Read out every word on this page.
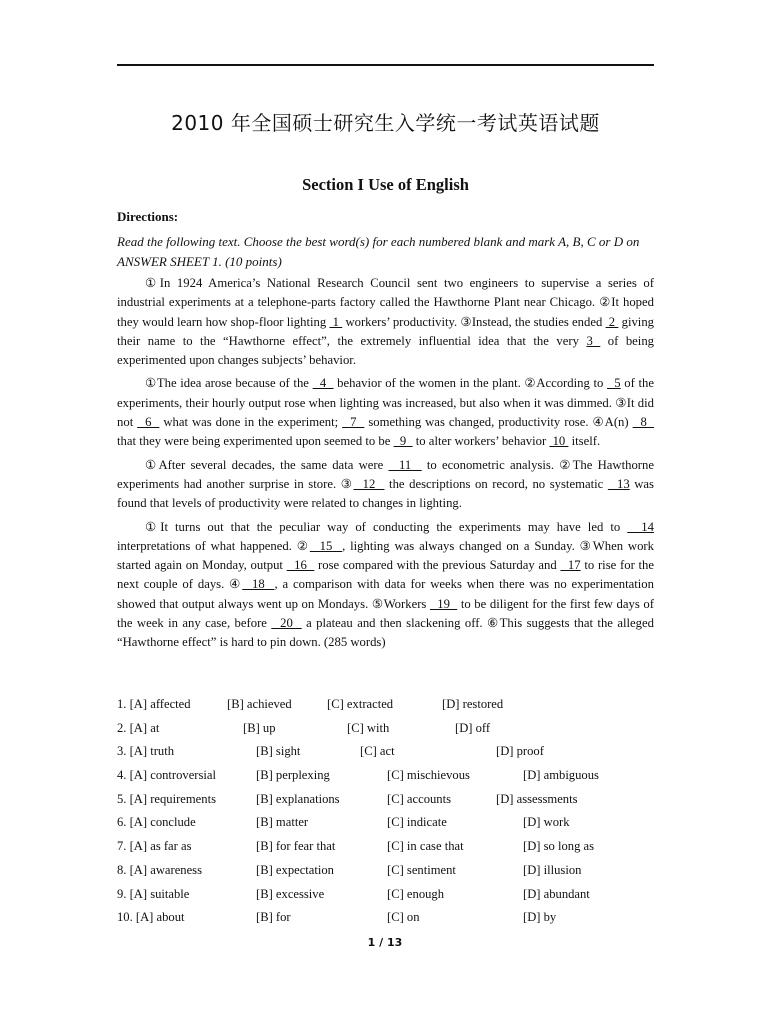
2010 年全国硕士研究生入学统一考试英语试题
Section I Use of English
Directions:
Read the following text. Choose the best word(s) for each numbered blank and mark A, B, C or D on ANSWER SHEET 1. (10 points)

①In 1924 America’s National Research Council sent two engineers to supervise a series of industrial experiments at a telephone-parts factory called the Hawthorne Plant near Chicago. ②It hoped they would learn how shop-floor lighting  1  workers’ productivity. ③Instead, the studies ended  2  giving their name to the “Hawthorne effect”, the extremely influential idea that the very 3  of being experimented upon changes subjects’ behavior.

①The idea arose because of the   4   behavior of the women in the plant. ②According to   5 of the experiments, their hourly output rose when lighting was increased, but also when it was dimmed. ③It did not   6   what was done in the experiment;   7   something was changed, productivity rose. ④A(n)   8   that they were being experimented upon seemed to be   9   to alter workers’ behavior  10  itself.

①After several decades, the same data were   11   to econometric analysis. ②The Hawthorne experiments had another surprise in store. ③  12   the descriptions on record, no systematic   13 was found that levels of productivity were related to changes in lighting.

①It turns out that the peculiar way of conducting the experiments may have led to   14 interpretations of what happened. ②  15  , lighting was always changed on a Sunday. ③When work started again on Monday, output   16   rose compared with the previous Saturday and   17 to rise for the next couple of days. ④  18  , a comparison with data for weeks when there was no experimentation showed that output always went up on Mondays. ⑤Workers   19   to be diligent for the first few days of the week in any case, before   20   a plateau and then slackening off. ⑥This suggests that the alleged “Hawthorne effect” is hard to pin down. (285 words)

1. [A] affected	[B] achieved	[C] extracted	[D] restored
2. [A] at	[B] up	[C] with	[D] off
3. [A] truth	[B] sight	[C] act	[D] proof
4. [A] controversial	[B] perplexing	[C] mischievous	[D] ambiguous
5. [A] requirements	[B] explanations	[C] accounts	[D] assessments
6. [A] conclude	[B] matter	[C] indicate	[D] work
7. [A] as far as	[B] for fear that	[C] in case that	[D] so long as
8. [A] awareness	[B] expectation	[C] sentiment	[D] illusion
9. [A] suitable	[B] excessive	[C] enough	[D] abundant
10. [A] about	[B] for	[C] on	[D] by
1 / 13
